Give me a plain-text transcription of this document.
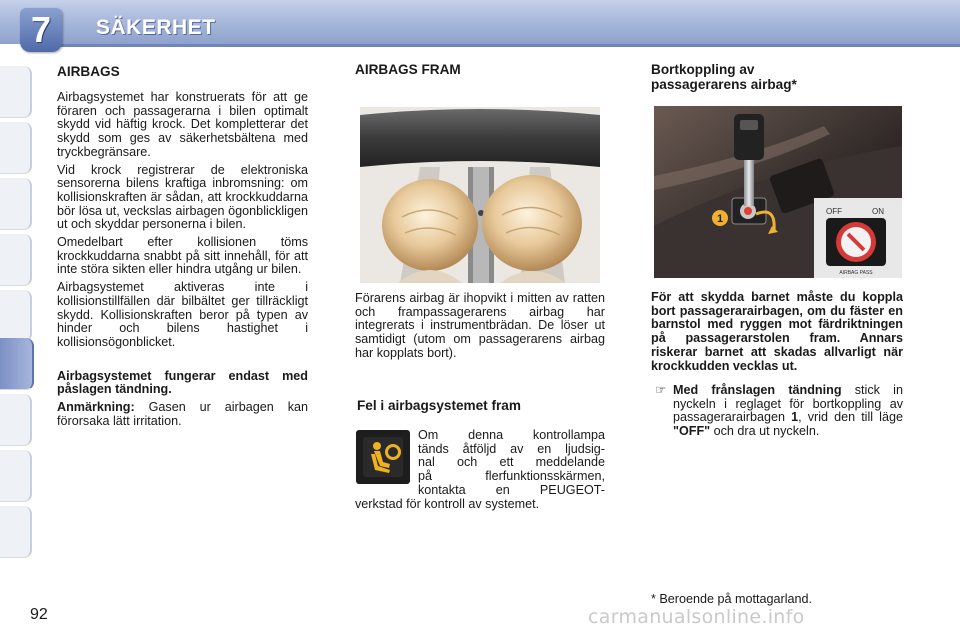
7	SÄKERHET
AIRBAGS

Airbagsystemet har konstruerats för att ge föraren och passagerarna i bilen optimalt skydd vid häftig krock. Det kompletterar det skydd som ges av säkerhetsbältena med tryckbegränsare.

Vid krock registrerar de elektroniska sensorerna bilens kraftiga inbromsning: om kollisionskraften är sådan, att krockkuddarna bör lösa ut, veckslas airbagen ögonblickligen ut och skyddar personerna i bilen.

Omedelbart efter kollisionen töms krockkuddarna snabbt på sitt innehåll, för att inte störa sikten eller hindra utgång ur bilen.

Airbagsystemet aktiveras inte i kollisionstillfällen där bilbältet ger tillräckligt skydd. Kollisionskraften beror på typen av hinder och bilens hastighet i kollisionsögonblicket.

Airbagsystemet fungerar endast med påslagen tändning.

Anmärkning: Gasen ur airbagen kan förorsaka lätt irritation.

AIRBAGS FRAM
Förarens airbag är ihopvikt i mitten av ratten och frampassagerarens airbag har integrerats i instrumentbrädan. De löser ut samtidigt (utom om passagerarens airbag har kopplats bort).
Fel i airbagsystemet fram
Om denna kontrollampa
tänds åtföljd av en ljudsig-
nal och ett meddelande
på flerfunktionsskärmen,
kontakta en PEUGEOT-
verkstad för kontroll av systemet.
Bortkoppling av
passagerarens airbag*
1
OFF	ON
AIRBAG PASS
För att skydda barnet måste du koppla bort passagerarairbagen, om du fäster en barnstol med ryggen mot färdriktningen på passagerarstolen fram. Annars riskerar barnet att skadas allvarligt när krockkudden vecklas ut.
☞ Med frånslagen tändning stick in nyckeln i reglaget för bortkoppling av passagerarairbagen 1, vrid den till läge "OFF" och dra ut nyckeln.
* Beroende på mottagarland.
92	carmanualsonline.info
